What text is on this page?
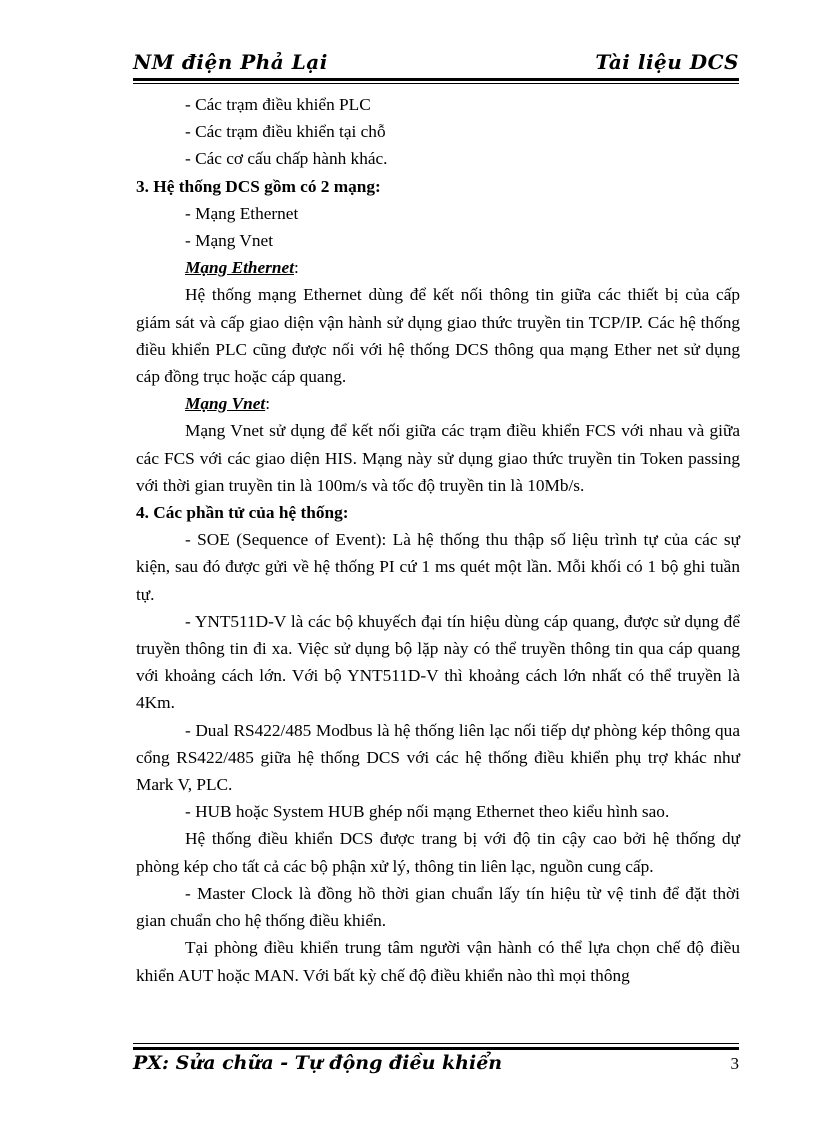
NM điện Phả Lại	Tài liệu DCS

- Các trạm điều khiển PLC

- Các trạm điều khiển tại chỗ

- Các cơ cấu chấp hành khác.

3. Hệ thống DCS gồm có 2 mạng:

- Mạng Ethernet

- Mạng Vnet

Mạng Ethernet:

Hệ thống mạng Ethernet dùng để kết nối thông tin giữa các thiết bị của cấp giám sát và cấp giao diện vận hành sử dụng giao thức truyền tin TCP/IP. Các hệ thống điều khiển PLC cũng được nối với hệ thống DCS thông qua mạng Ether net sử dụng cáp đồng trục hoặc cáp quang.

Mạng Vnet:

Mạng Vnet sử dụng để kết nối giữa các trạm điều khiển FCS với nhau và giữa các FCS với các giao diện HIS. Mạng này sử dụng giao thức truyền tin Token passing với thời gian truyền tin là 100m/s và tốc độ truyền tin là 10Mb/s.

4. Các phần tử của hệ thống:

- SOE (Sequence of Event): Là hệ thống thu thập số liệu trình tự của các sự kiện, sau đó được gửi về hệ thống PI cứ 1 ms quét một lần. Mỗi khối có 1 bộ ghi tuần tự.

- YNT511D-V là các bộ khuyếch đại tín hiệu dùng cáp quang, được sử dụng để truyền thông tin đi xa. Việc sử dụng bộ lặp này có thể truyền thông tin qua cáp quang với khoảng cách lớn. Với bộ YNT511D-V thì khoảng cách lớn nhất có thể truyền là 4Km.

- Dual RS422/485 Modbus là hệ thống liên lạc nối tiếp dự phòng kép thông qua cổng RS422/485 giữa hệ thống DCS với các hệ thống điều khiển phụ trợ khác như Mark V, PLC.

- HUB hoặc System HUB ghép nối mạng Ethernet theo kiểu hình sao.

Hệ thống điều khiển DCS được trang bị với độ tin cậy cao bởi hệ thống dự phòng kép cho tất cả các bộ phận xử lý, thông tin liên lạc, nguồn cung cấp.

- Master Clock là đồng hồ thời gian chuẩn lấy tín hiệu từ vệ tinh để đặt thời gian chuẩn cho hệ thống điều khiển.

Tại phòng điều khiển trung tâm người vận hành có thể lựa chọn chế độ điều khiển AUT hoặc MAN. Với bất kỳ chế độ điều khiển nào thì mọi thông

PX: Sửa chữa - Tự động điều khiển	3
